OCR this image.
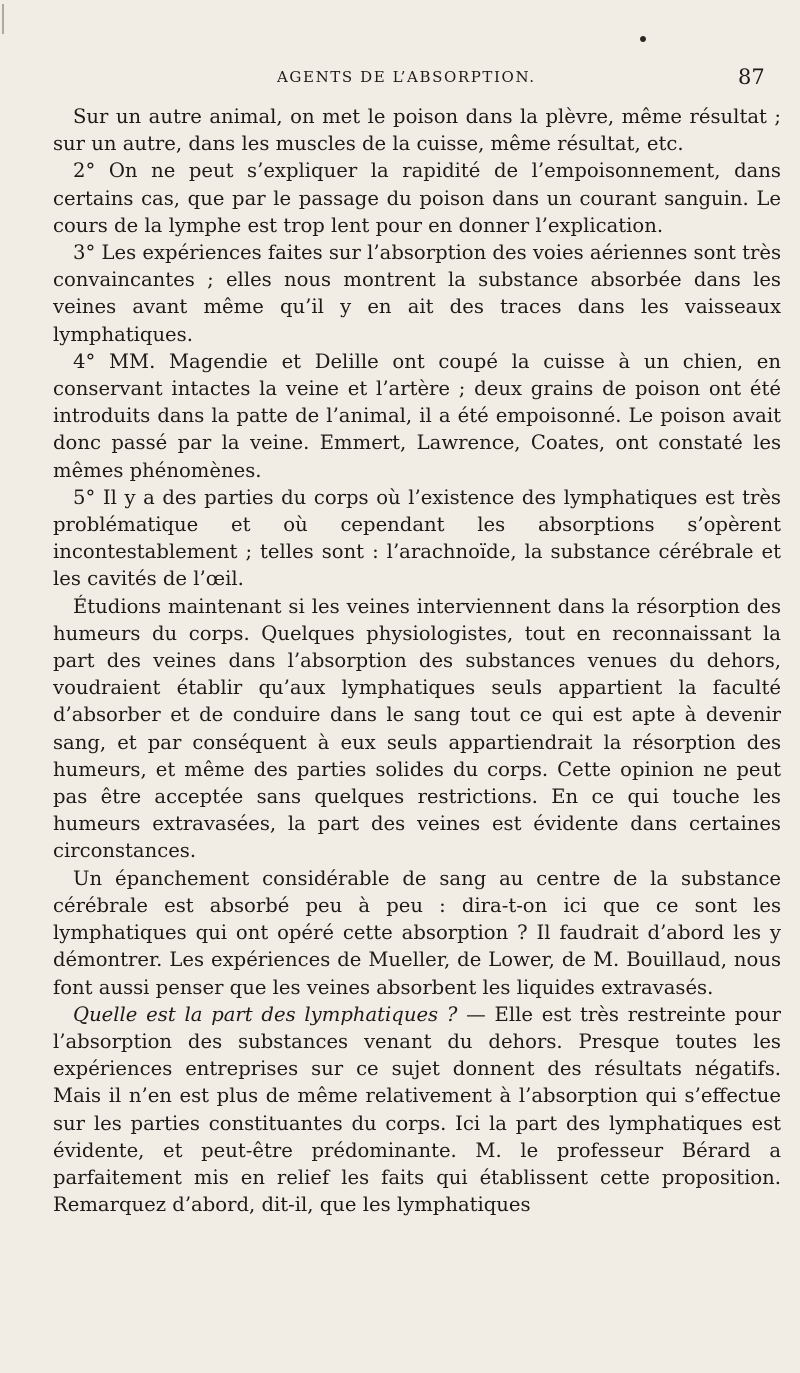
AGENTS DE L’ABSORPTION.	87

Sur un autre animal, on met le poison dans la plèvre, même résultat ; sur un autre, dans les muscles de la cuisse, même résultat, etc.

2° On ne peut s’expliquer la rapidité de l’empoisonnement, dans certains cas, que par le passage du poison dans un courant sanguin. Le cours de la lymphe est trop lent pour en donner l’explication.

3° Les expériences faites sur l’absorption des voies aériennes sont très convaincantes ; elles nous montrent la substance absorbée dans les veines avant même qu’il y en ait des traces dans les vaisseaux lymphatiques.

4° MM. Magendie et Delille ont coupé la cuisse à un chien, en conservant intactes la veine et l’artère ; deux grains de poison ont été introduits dans la patte de l’animal, il a été empoisonné. Le poison avait donc passé par la veine. Emmert, Lawrence, Coates, ont constaté les mêmes phénomènes.

5° Il y a des parties du corps où l’existence des lymphatiques est très problématique et où cependant les absorptions s’opèrent incontestablement ; telles sont : l’arachnoïde, la substance cérébrale et les cavités de l’œil.

Étudions maintenant si les veines interviennent dans la résorption des humeurs du corps. Quelques physiologistes, tout en reconnaissant la part des veines dans l’absorption des substances venues du dehors, voudraient établir qu’aux lymphatiques seuls appartient la faculté d’absorber et de conduire dans le sang tout ce qui est apte à devenir sang, et par conséquent à eux seuls appartiendrait la résorption des humeurs, et même des parties solides du corps. Cette opinion ne peut pas être acceptée sans quelques restrictions. En ce qui touche les humeurs extravasées, la part des veines est évidente dans certaines circonstances.

Un épanchement considérable de sang au centre de la substance cérébrale est absorbé peu à peu : dira-t-on ici que ce sont les lymphatiques qui ont opéré cette absorption ? Il faudrait d’abord les y démontrer. Les expériences de Mueller, de Lower, de M. Bouillaud, nous font aussi penser que les veines absorbent les liquides extravasés.

Quelle est la part des lymphatiques ? — Elle est très restreinte pour l’absorption des substances venant du dehors. Presque toutes les expériences entreprises sur ce sujet donnent des résultats négatifs. Mais il n’en est plus de même relativement à l’absorption qui s’effectue sur les parties constituantes du corps. Ici la part des lymphatiques est évidente, et peut-être prédominante. M. le professeur Bérard a parfaitement mis en relief les faits qui établissent cette proposition. Remarquez d’abord, dit-il, que les lymphatiques
